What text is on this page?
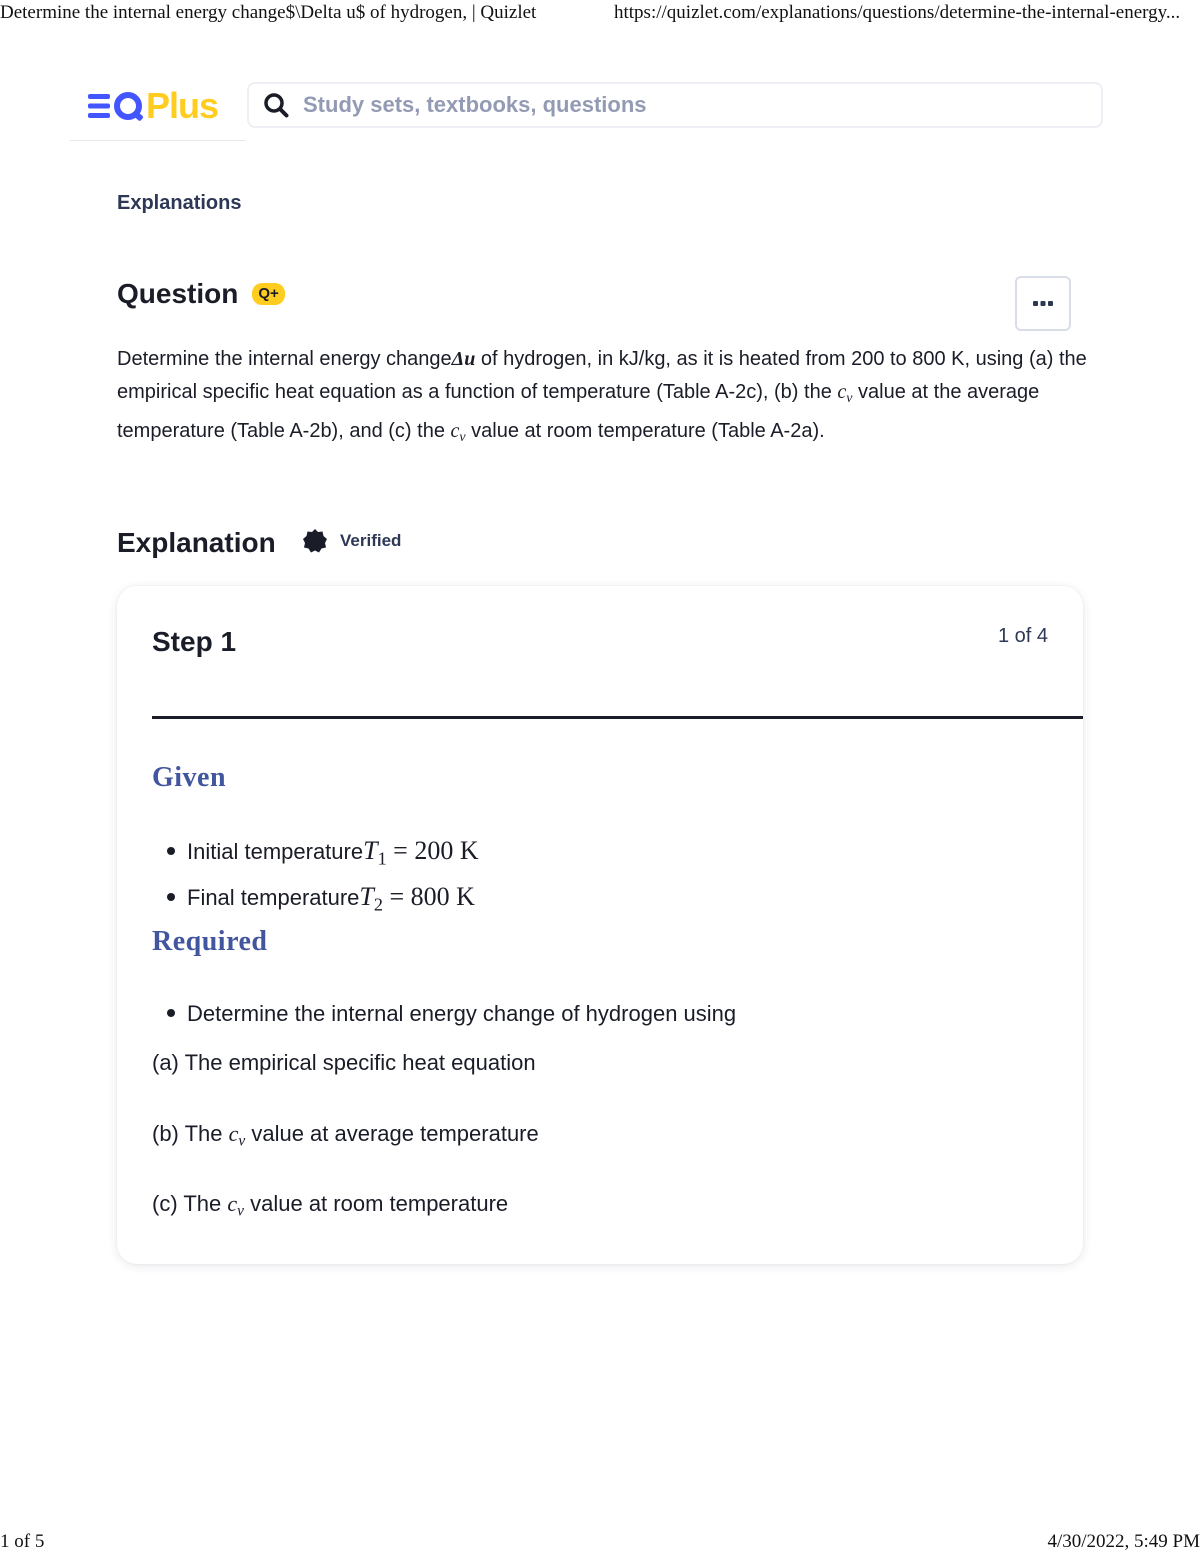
Determine the internal energy change$\Delta u$ of hydrogen, | Quizlet	https://quizlet.com/explanations/questions/determine-the-internal-energy...
Plus
Study sets, textbooks, questions
Explanations
Question	Q+
Determine the internal energy changeΔu of hydrogen, in kJ/kg, as it is heated from 200 to 800 K, using (a) the empirical specific heat equation as a function of temperature (Table A-2c), (b) the $c_v$ value at the average temperature (Table A-2b), and (c) the $c_v$ value at room temperature (Table A-2a).
Explanation	Verified
Step 1	1 of 4
Given
Initial temperature $T_1 = 200$ K
Final temperature $T_2 = 800$ K
Required
Determine the internal energy change of hydrogen using
(a) The empirical specific heat equation
(b) The $c_v$ value at average temperature
(c) The $c_v$ value at room temperature
1 of 5	4/30/2022, 5:49 PM
